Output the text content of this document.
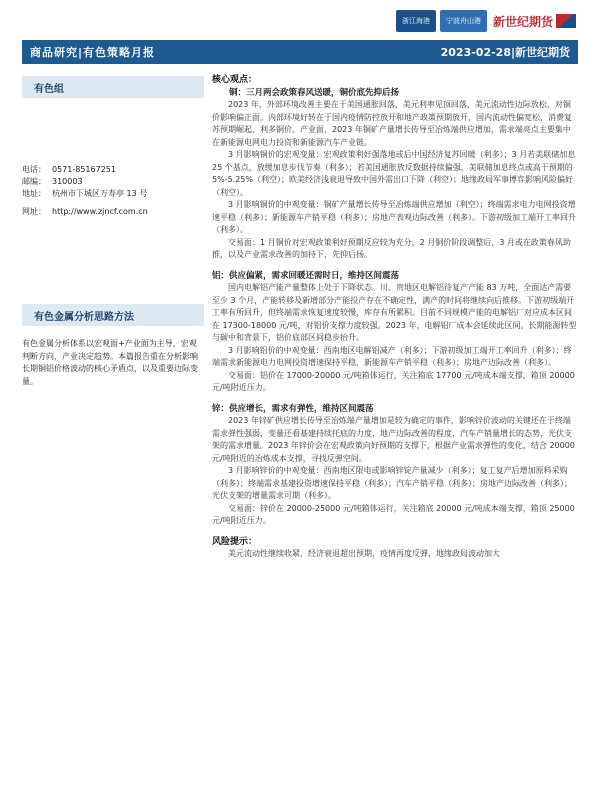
浙江海港	宁波舟山港	新世纪期货
商品研究|有色策略月报	2023-02-28|新世纪期货
有色组
电话： 0571-85167251
邮编： 310003
地址： 杭州市下城区万寿亭 13 号
网址： http://www.zjncf.com.cn
有色金属分析思路方法
有色金属分析体系以宏观面+产业面为主导，宏观判断方向，产业决定趋势。本篇报告重在分析影响长期铜铝价格波动的核心矛盾点，以及重要边际变量。
核心观点：
铜：三月两会政策春风送暖，铜价底先抑后扬

2023 年，外部环境改善主要在于美国通胀回落，美元利率见顶回落，美元流动性边际放松，对铜价影响偏正面。内部环境好转在于国内疫情防控放开和地产政策预期放开，国内流动性偏宽松，消费复苏预期崛起，利多铜价。产业面，2023 年铜矿产量增长传导至冶炼端供应增加，需求端亮点主要集中在新能源电网电力投资和新能源汽车产业链。

3 月影响铜价的宏观变量：宏观政策利好强落地或后中国经济复苏回暖（利多）；3 月若美联储加息 25 个基点，放缓加息步伐节奏（利多）；若美国通胀放反数据持续偏强，美联储加息终点或高于预期的 5%-5.25%（利空）；欧美经济浅衰退导致中国外需出口下降（利空）；地缘政局军事博弈影响风险偏好（利空）。

3 月影响铜价的中观变量：铜矿产量增长传导至冶炼端供应增加（利空）；终端需求电力电网投资增速平稳（利多）；新能源车产销平稳（利多）；房地产表观边际改善（利多）。下游初级加工端开工率回升（利多）。

交易面：1 月铜价对宏观政策利好预期反应较为充分，2 月铜价阶段调整后，3 月或在政策春风助推，以及产业需求改善的加持下，先抑后扬。

铝：供应偏紧，需求回暖还需时日，维持区间震荡

国内电解铝产能产量整体上处于下降状态。川、贵地区电解铝待复产产能 83 万吨，全面达产需要至少 3 个月，产能转移及新增部分产能投产存在不确定性，满产的时间将继续向后推移。下游初级端开工率有所回升，但终端需求恢复速度较慢，库存有所累积。目前不同规模产能的电解铝厂对应成本区间在 17300-18000 元/吨，对铝价支撑力度较强。2023 年，电解铝厂成本会延续此区间。长期能源转型与碳中和背景下，铝价底部区间稳步抬升。

3 月影响铝价的中观变量：西南地区电解铝减产（利多）；下游初级加工端开工率回升（利多）；终端需求新能源电力电网投资增速保持平稳，新能源车产销平稳（利多）；房地产边际改善（利多）。

交易面：铝价在 17000-20000 元/吨箱体运行，关注箱底 17700 元/吨成本端支撑，箱顶 20000 元/吨附近压力。

锌：供应增长，需求有弹性，维持区间震荡

2023 年锌矿供应增长传导至冶炼端产量增加是较为确定的事件，影响锌价波动的关键还在于终端需求弹性强弱，变量还看基建持续托底的力度，地产边际改善的程度，汽车产销量增长的态势，光伏支架的需求增量。2023 年锌价会在宏观政策向好预期的支撑下，根据产业需求弹性的变化，结合 20000 元/吨附近的冶炼成本支撑，寻找反弹空间。

3 月影响锌价的中观变量：西南地区限电或影响锌锭产量减少（利多）；复工复产后增加原料采购（利多）；终端需求基建投资增速保持平稳（利多）；汽车产销平稳（利多）；房地产边际改善（利多）；光伏支架的增量需求可期（利多）。

交易面：锌价在 20000-25000 元/吨箱体运行，关注箱底 20000 元/吨成本端支撑，箱顶 25000 元/吨附近压力。

风险提示：

美元流动性继续收紧，经济衰退超出预期，疫情再度反弹，地缘政局波动加大
